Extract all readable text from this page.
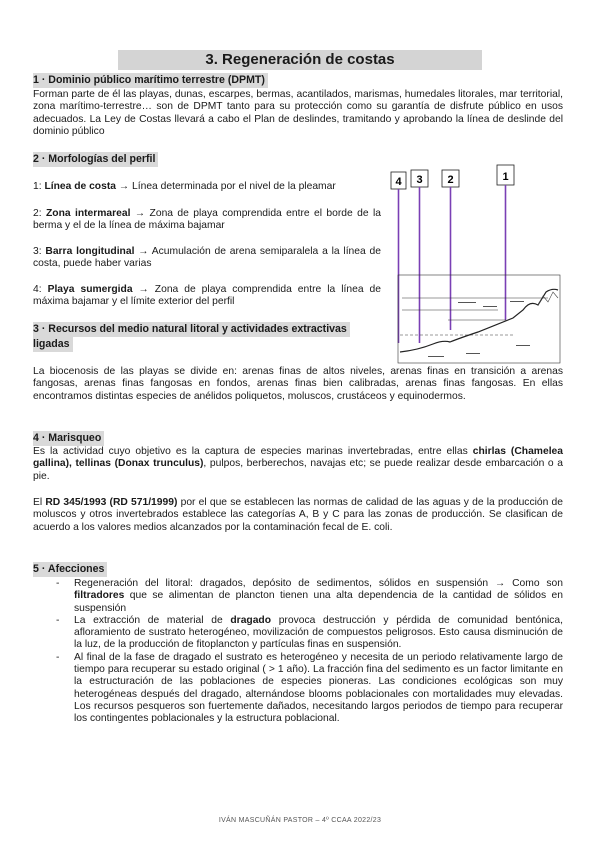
3. Regeneración de costas
1 · Dominio público marítimo terrestre (DPMT)

Forman parte de él las playas, dunas, escarpes, bermas, acantilados, marismas, humedales litorales, mar territorial, zona marítimo-terrestre… son de DPMT tanto para su protección como su garantía de disfrute público en usos adecuados. La Ley de Costas llevará a cabo el Plan de deslindes, tramitando y aprobando la línea de deslinde del dominio público

2 · Morfologías del perfil

1: Línea de costa → Línea determinada por el nivel de la pleamar

2: Zona intermareal → Zona de playa comprendida entre el borde de la berma y el de la línea de máxima bajamar

3: Barra longitudinal → Acumulación de arena semiparalela a la línea de costa, puede haber varias

4: Playa sumergida → Zona de playa comprendida entre la línea de máxima bajamar y el límite exterior del perfil

4 3 2	1
3 · Recursos del medio natural litoral y actividades extractivas
ligadas

La biocenosis de las playas se divide en: arenas finas de altos niveles, arenas finas en transición a arenas fangosas, arenas finas fangosas en fondos, arenas finas bien calibradas, arenas finas fangosas. En ellas encontramos distintas especies de anélidos poliquetos, moluscos, crustáceos y equinodermos.

4 · Marisqueo

Es la actividad cuyo objetivo es la captura de especies marinas invertebradas, entre ellas chirlas (Chamelea gallina), tellinas (Donax trunculus), pulpos, berberechos, navajas etc; se puede realizar desde embarcación o a pie.

El RD 345/1993 (RD 571/1999) por el que se establecen las normas de calidad de las aguas y de la producción de moluscos y otros invertebrados establece las categorías A, B y C para las zonas de producción. Se clasifican de acuerdo a los valores medios alcanzados por la contaminación fecal de E. coli.

5 · Afecciones
- Regeneración del litoral: dragados, depósito de sedimentos, sólidos en suspensión → Como son filtradores que se alimentan de plancton tienen una alta dependencia de la cantidad de sólidos en suspensión
- La extracción de material de dragado provoca destrucción y pérdida de comunidad bentónica, afloramiento de sustrato heterogéneo, movilización de compuestos peligrosos. Esto causa disminución de la luz, de la producción de fitoplancton y partículas finas en suspensión.
- Al final de la fase de dragado el sustrato es heterogéneo y necesita de un periodo relativamente largo de tiempo para recuperar su estado original ( > 1 año). La fracción fina del sedimento es un factor limitante en la estructuración de las poblaciones de especies pioneras. Las condiciones ecológicas son muy heterogéneas después del dragado, alternándose blooms poblacionales con mortalidades muy elevadas. Los recursos pesqueros son fuertemente dañados, necesitando largos periodos de tiempo para recuperar los contingentes poblacionales y la estructura poblacional.
IVÁN MASCUÑÁN PASTOR – 4º CCAA 2022/23
